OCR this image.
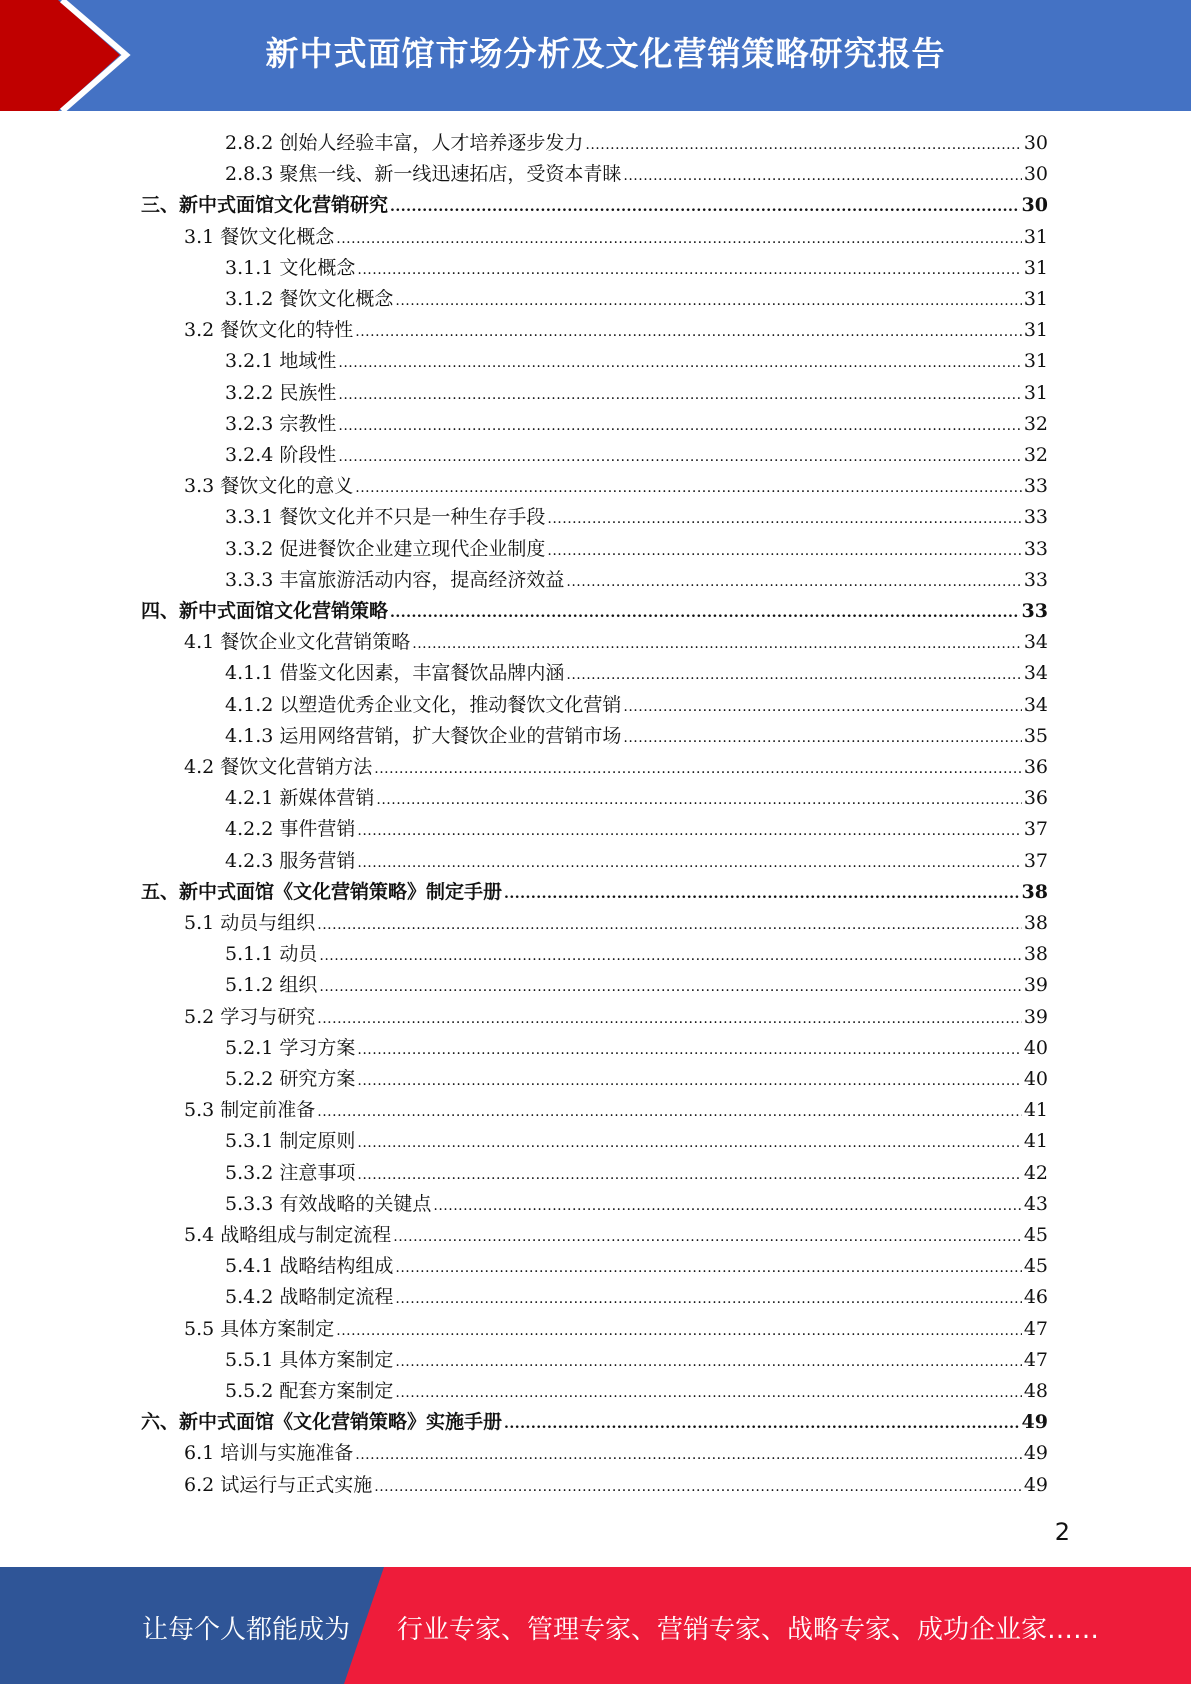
新中式面馆市场分析及文化营销策略研究报告
2.8.2 创始人经验丰富，人才培养逐步发力 .....	30
2.8.3 聚焦一线、新一线迅速拓店，受资本青睐 .....	30
三、新中式面馆文化营销研究 .....	30
3.1 餐饮文化概念 .....	31
3.1.1 文化概念 .....	31
3.1.2 餐饮文化概念 .....	31
3.2 餐饮文化的特性 .....	31
3.2.1 地域性 .....	31
3.2.2 民族性 .....	31
3.2.3 宗教性 .....	32
3.2.4 阶段性 .....	32
3.3 餐饮文化的意义 .....	33
3.3.1 餐饮文化并不只是一种生存手段 .....	33
3.3.2 促进餐饮企业建立现代企业制度 .....	33
3.3.3 丰富旅游活动内容，提高经济效益 .....	33
四、新中式面馆文化营销策略 .....	33
4.1 餐饮企业文化营销策略 .....	34
4.1.1 借鉴文化因素，丰富餐饮品牌内涵 .....	34
4.1.2 以塑造优秀企业文化，推动餐饮文化营销 .....	34
4.1.3 运用网络营销，扩大餐饮企业的营销市场 .....	35
4.2 餐饮文化营销方法 .....	36
4.2.1 新媒体营销 .....	36
4.2.2 事件营销 .....	37
4.2.3 服务营销 .....	37
五、新中式面馆《文化营销策略》制定手册 .....	38
5.1 动员与组织 .....	38
5.1.1 动员 .....	38
5.1.2 组织 .....	39
5.2 学习与研究 .....	39
5.2.1 学习方案 .....	40
5.2.2 研究方案 .....	40
5.3 制定前准备 .....	41
5.3.1 制定原则 .....	41
5.3.2 注意事项 .....	42
5.3.3 有效战略的关键点 .....	43
5.4 战略组成与制定流程 .....	45
5.4.1 战略结构组成 .....	45
5.4.2 战略制定流程 .....	46
5.5 具体方案制定 .....	47
5.5.1 具体方案制定 .....	47
5.5.2 配套方案制定 .....	48
六、新中式面馆《文化营销策略》实施手册 .....	49
6.1 培训与实施准备 .....	49
6.2 试运行与正式实施 .....	49
2
让每个人都能成为 行业专家、管理专家、营销专家、战略专家、成功企业家……
